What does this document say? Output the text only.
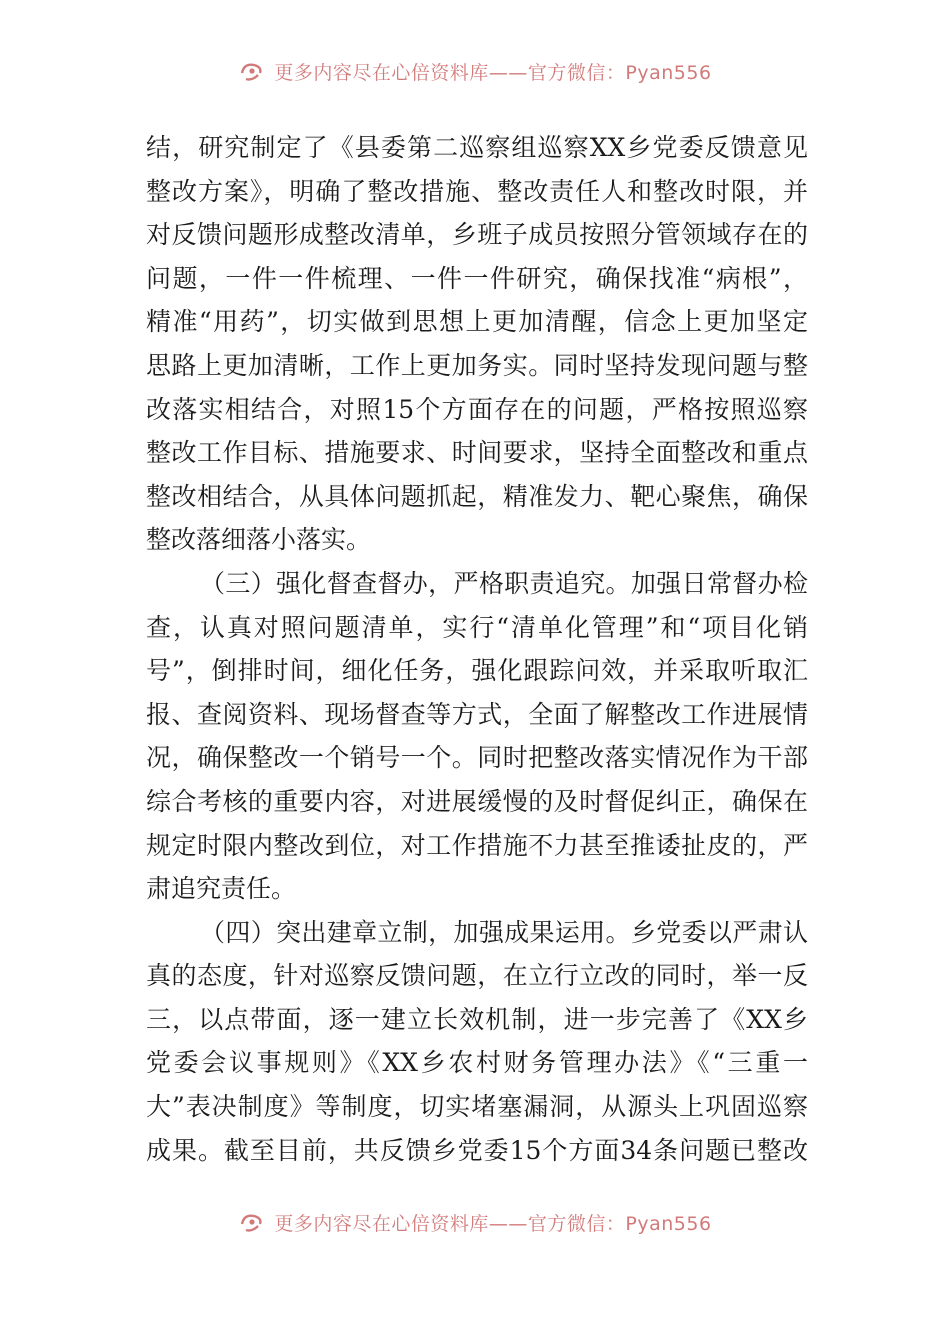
更多内容尽在心倍资料库——官方微信：Pyan556
结，研究制定了《县委第二巡察组巡察XX乡党委反馈意见
整改方案》，明确了整改措施、整改责任人和整改时限，并
对反馈问题形成整改清单，乡班子成员按照分管领域存在的
问题，一件一件梳理、一件一件研究，确保找准“病根”，
精准“用药”，切实做到思想上更加清醒，信念上更加坚定
思路上更加清晰，工作上更加务实。同时坚持发现问题与整
改落实相结合，对照15个方面存在的问题，严格按照巡察
整改工作目标、措施要求、时间要求，坚持全面整改和重点
整改相结合，从具体问题抓起，精准发力、靶心聚焦，确保
整改落细落小落实。
（三）强化督查督办，严格职责追究。加强日常督办检
查，认真对照问题清单，实行“清单化管理”和“项目化销
号”，倒排时间，细化任务，强化跟踪问效，并采取听取汇
报、查阅资料、现场督查等方式，全面了解整改工作进展情
况，确保整改一个销号一个。同时把整改落实情况作为干部
综合考核的重要内容，对进展缓慢的及时督促纠正，确保在
规定时限内整改到位，对工作措施不力甚至推诿扯皮的，严
肃追究责任。
（四）突出建章立制，加强成果运用。乡党委以严肃认
真的态度，针对巡察反馈问题，在立行立改的同时，举一反
三，以点带面，逐一建立长效机制，进一步完善了《XX乡
党委会议事规则》《XX乡农村财务管理办法》《“三重一
大”表决制度》等制度，切实堵塞漏洞，从源头上巩固巡察
成果。截至目前，共反馈乡党委15个方面34条问题已整改
更多内容尽在心倍资料库——官方微信：Pyan556
